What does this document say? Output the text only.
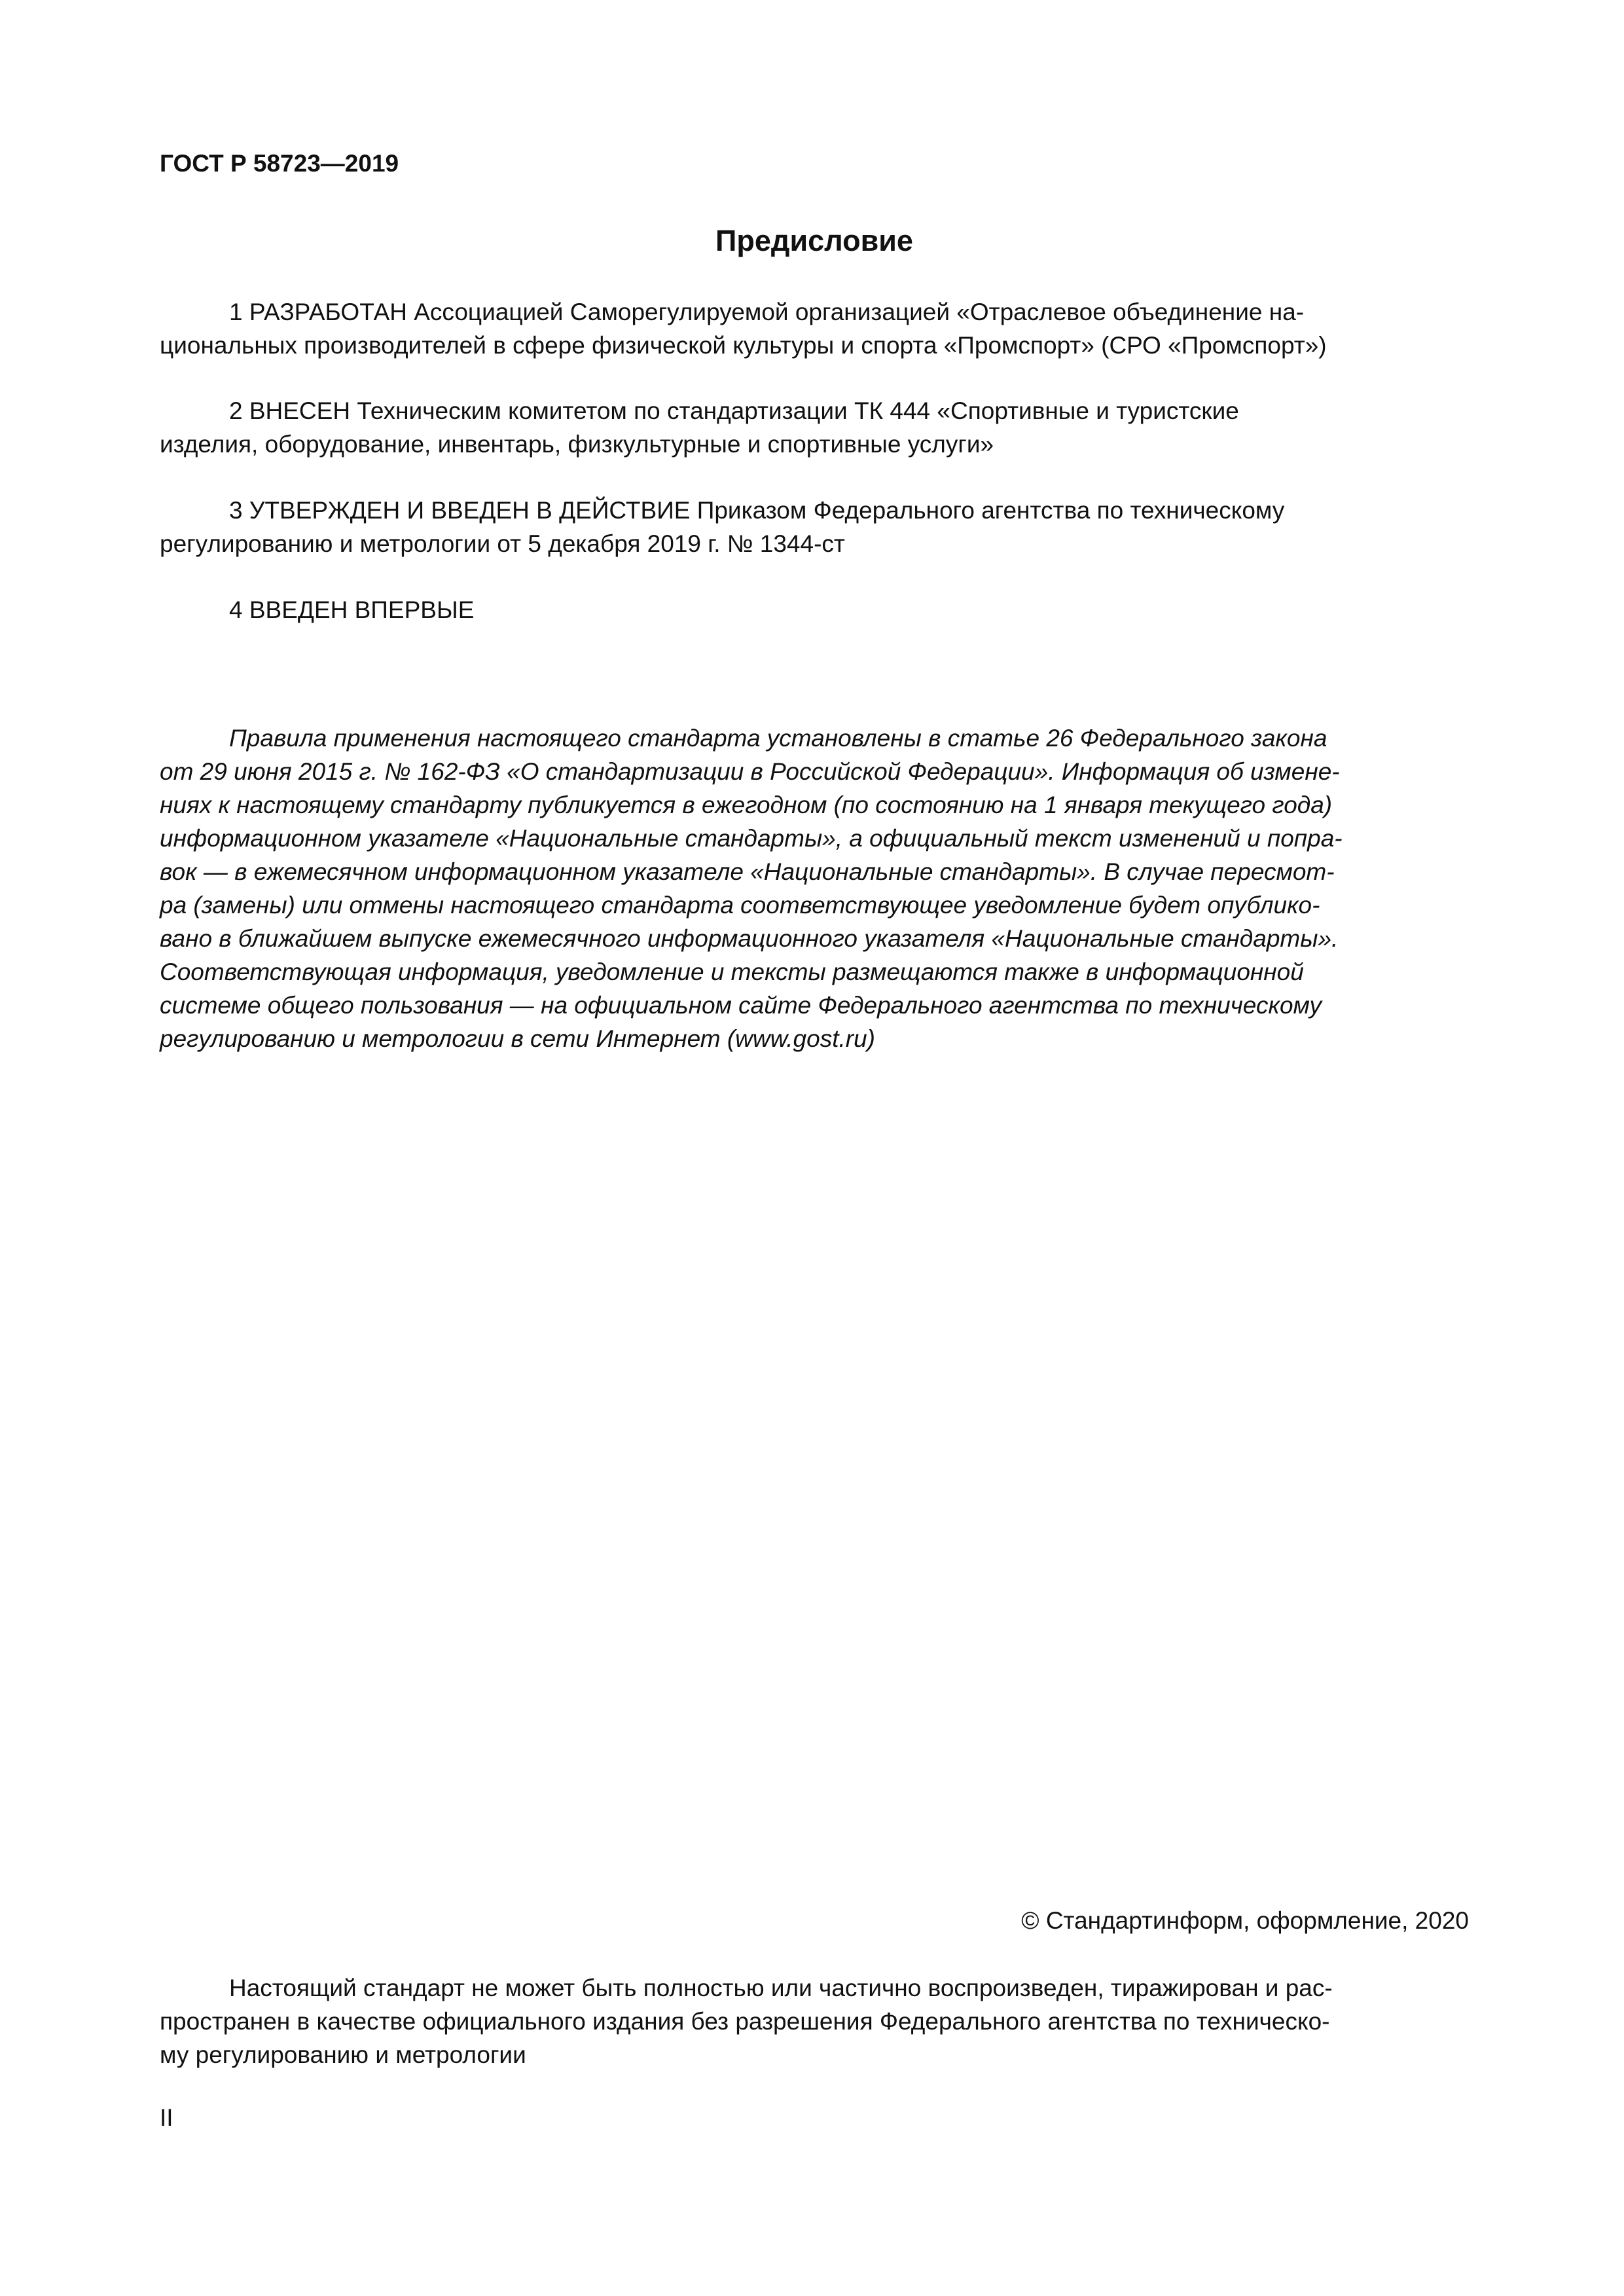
ГОСТ Р 58723—2019

Предисловие

1 РАЗРАБОТАН Ассоциацией Саморегулируемой организацией «Отраслевое объединение на-
циональных производителей в сфере физической культуры и спорта «Промспорт» (СРО «Промспорт»)

2 ВНЕСЕН Техническим комитетом по стандартизации ТК 444 «Спортивные и туристские
изделия, оборудование, инвентарь, физкультурные и спортивные услуги»

3 УТВЕРЖДЕН И ВВЕДЕН В ДЕЙСТВИЕ Приказом Федерального агентства по техническому
регулированию и метрологии от 5 декабря 2019 г. № 1344-ст

4 ВВЕДЕН ВПЕРВЫЕ

Правила применения настоящего стандарта установлены в статье 26 Федерального закона
от 29 июня 2015 г. № 162-ФЗ «О стандартизации в Российской Федерации». Информация об измене-
ниях к настоящему стандарту публикуется в ежегодном (по состоянию на 1 января текущего года)
информационном указателе «Национальные стандарты», а официальный текст изменений и попра-
вок — в ежемесячном информационном указателе «Национальные стандарты». В случае пересмот-
ра (замены) или отмены настоящего стандарта соответствующее уведомление будет опублико-
вано в ближайшем выпуске ежемесячного информационного указателя «Национальные стандарты».
Соответствующая информация, уведомление и тексты размещаются также в информационной
системе общего пользования — на официальном сайте Федерального агентства по техническому
регулированию и метрологии в сети Интернет (www.gost.ru)

© Стандартинформ, оформление, 2020

Настоящий стандарт не может быть полностью или частично воспроизведен, тиражирован и рас-
пространен в качестве официального издания без разрешения Федерального агентства по техническо-
му регулированию и метрологии

II
